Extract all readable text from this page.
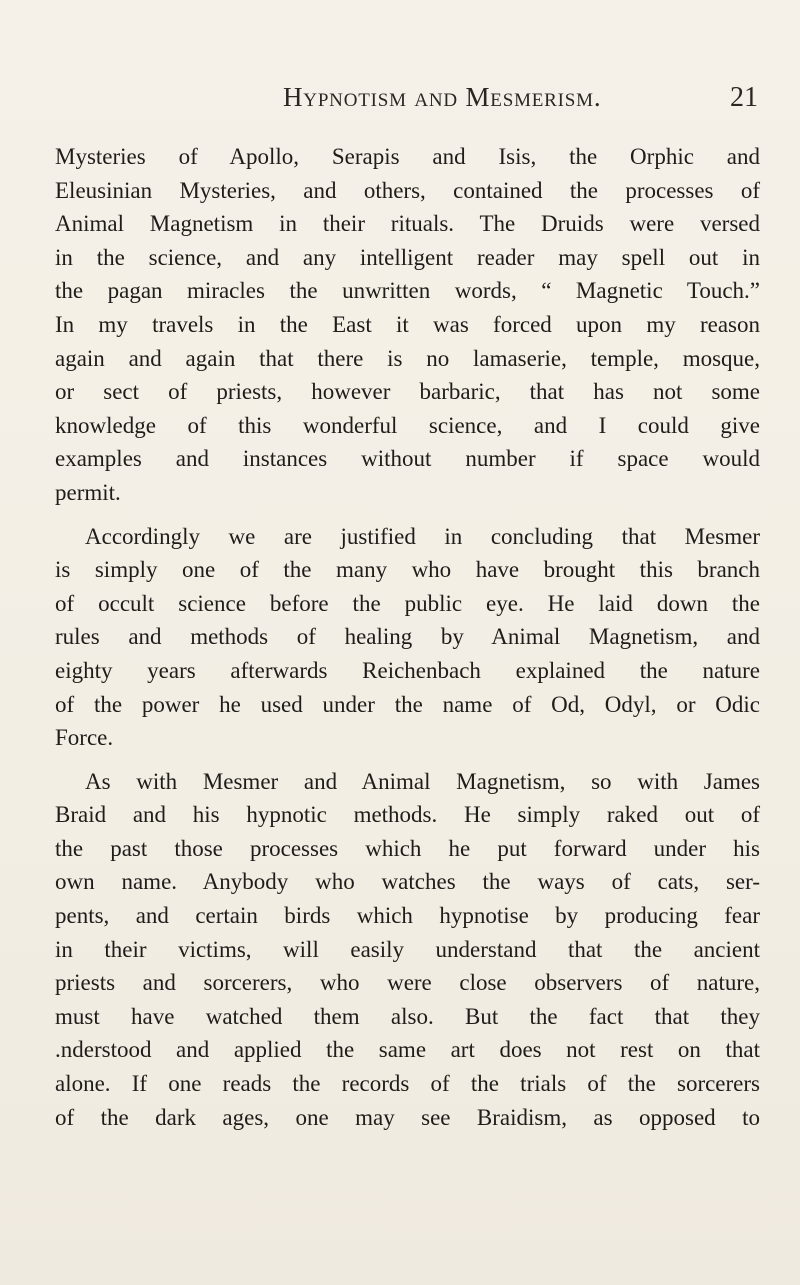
Hypnotism and Mesmerism.	21
Mysteries of Apollo, Serapis and Isis, the Orphic and
Eleusinian Mysteries, and others, contained the processes of
Animal Magnetism in their rituals. The Druids were versed
in the science, and any intelligent reader may spell out in
the pagan miracles the unwritten words, “ Magnetic Touch.”
In my travels in the East it was forced upon my reason
again and again that there is no lamaserie, temple, mosque,
or sect of priests, however barbaric, that has not some
knowledge of this wonderful science, and I could give
examples and instances without number if space would
permit.
Accordingly we are justified in concluding that Mesmer
is simply one of the many who have brought this branch
of occult science before the public eye. He laid down the
rules and methods of healing by Animal Magnetism, and
eighty years afterwards Reichenbach explained the nature
of the power he used under the name of Od, Odyl, or Odic
Force.
As with Mesmer and Animal Magnetism, so with James
Braid and his hypnotic methods. He simply raked out of
the past those processes which he put forward under his
own name. Anybody who watches the ways of cats, ser-
pents, and certain birds which hypnotise by producing fear
in their victims, will easily understand that the ancient
priests and sorcerers, who were close observers of nature,
must have watched them also. But the fact that they
.nderstood and applied the same art does not rest on that
alone. If one reads the records of the trials of the sorcerers
of the dark ages, one may see Braidism, as opposed to
